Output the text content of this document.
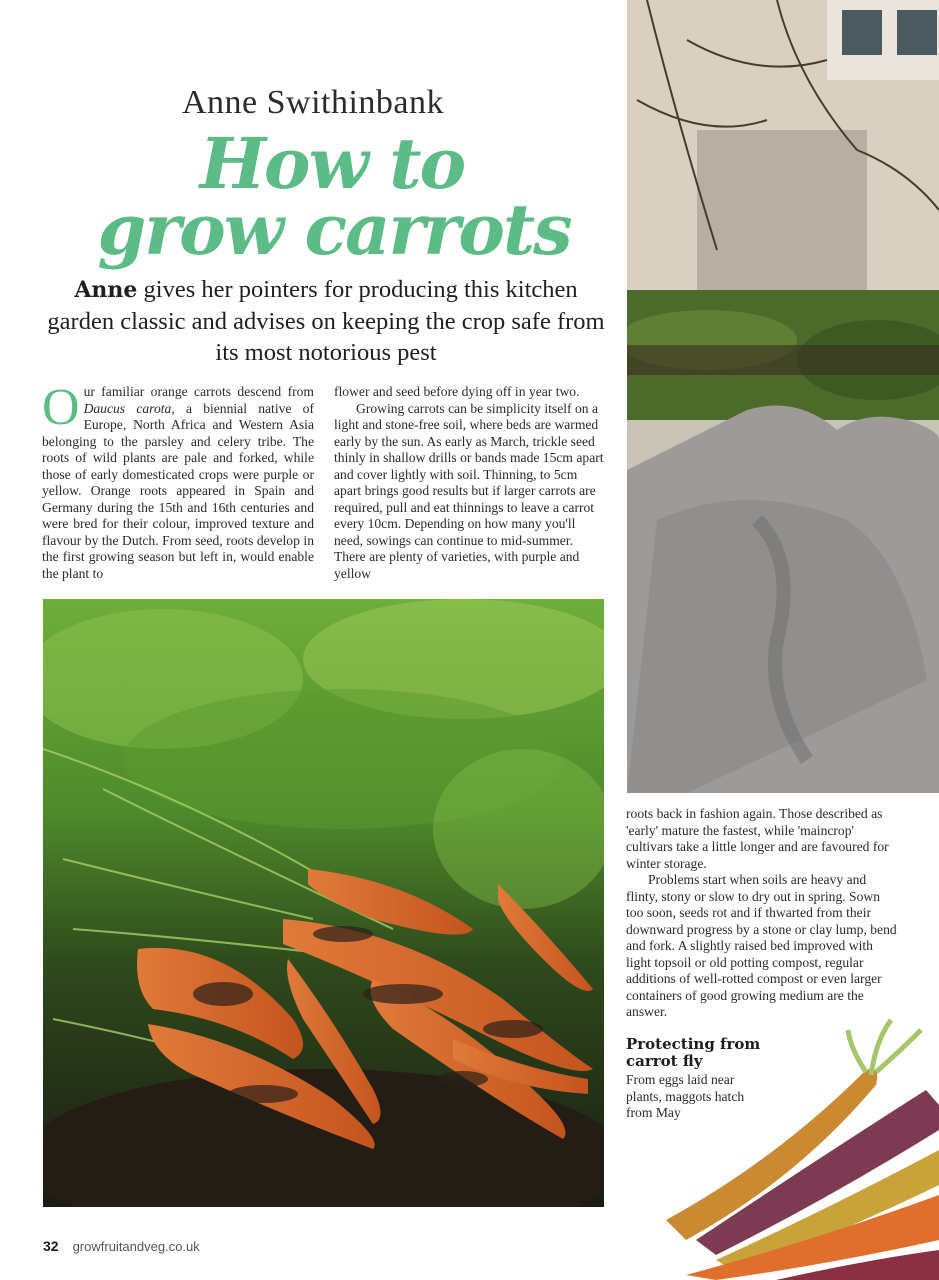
Anne Swithinbank
How to
grow carrots
Anne gives her pointers for producing this kitchen garden classic and advises on keeping the crop safe from its most notorious pest

Our familiar orange carrots descend from Daucus carota, a biennial native of Europe, North Africa and Western Asia belonging to the parsley and celery tribe. The roots of wild plants are pale and forked, while those of early domesticated crops were purple or yellow. Orange roots appeared in Spain and Germany during the 15th and 16th centuries and were bred for their colour, improved texture and flavour by the Dutch. From seed, roots develop in the first growing season but left in, would enable the plant to

flower and seed before dying off in year two.

Growing carrots can be simplicity itself on a light and stone-free soil, where beds are warmed early by the sun. As early as March, trickle seed thinly in shallow drills or bands made 15cm apart and cover lightly with soil. Thinning, to 5cm apart brings good results but if larger carrots are required, pull and eat thinnings to leave a carrot every 10cm. Depending on how many you'll need, sowings can continue to mid-summer. There are plenty of varieties, with purple and yellow

roots back in fashion again. Those described as 'early' mature the fastest, while 'maincrop' cultivars take a little longer and are favoured for winter storage.

Problems start when soils are heavy and flinty, stony or slow to dry out in spring. Sown too soon, seeds rot and if thwarted from their downward progress by a stone or clay lump, bend and fork. A slightly raised bed improved with light topsoil or old potting compost, regular additions of well-rotted compost or even larger containers of good growing medium are the answer.

Protecting from carrot fly
From eggs laid near plants, maggots hatch from May
32 growfruitandveg.co.uk
